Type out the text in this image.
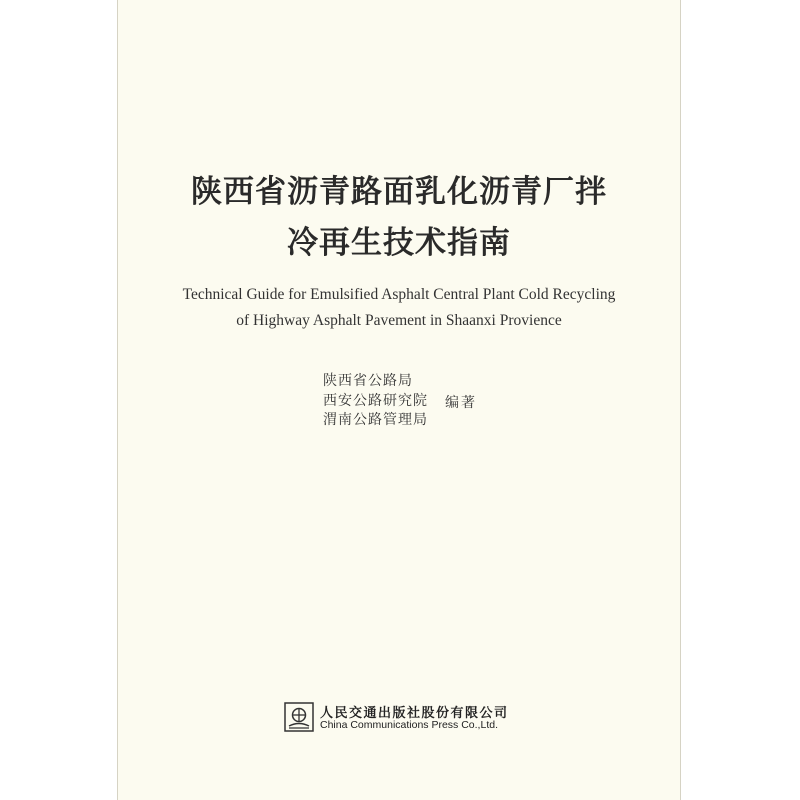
陕西省沥青路面乳化沥青厂拌
冷再生技术指南
Technical Guide for Emulsified Asphalt Central Plant Cold Recycling
of Highway Asphalt Pavement in Shaanxi Provience
陕西省公路局
西安公路研究院
渭南公路管理局
编著
人民交通出版社股份有限公司
China Communications Press Co.,Ltd.
